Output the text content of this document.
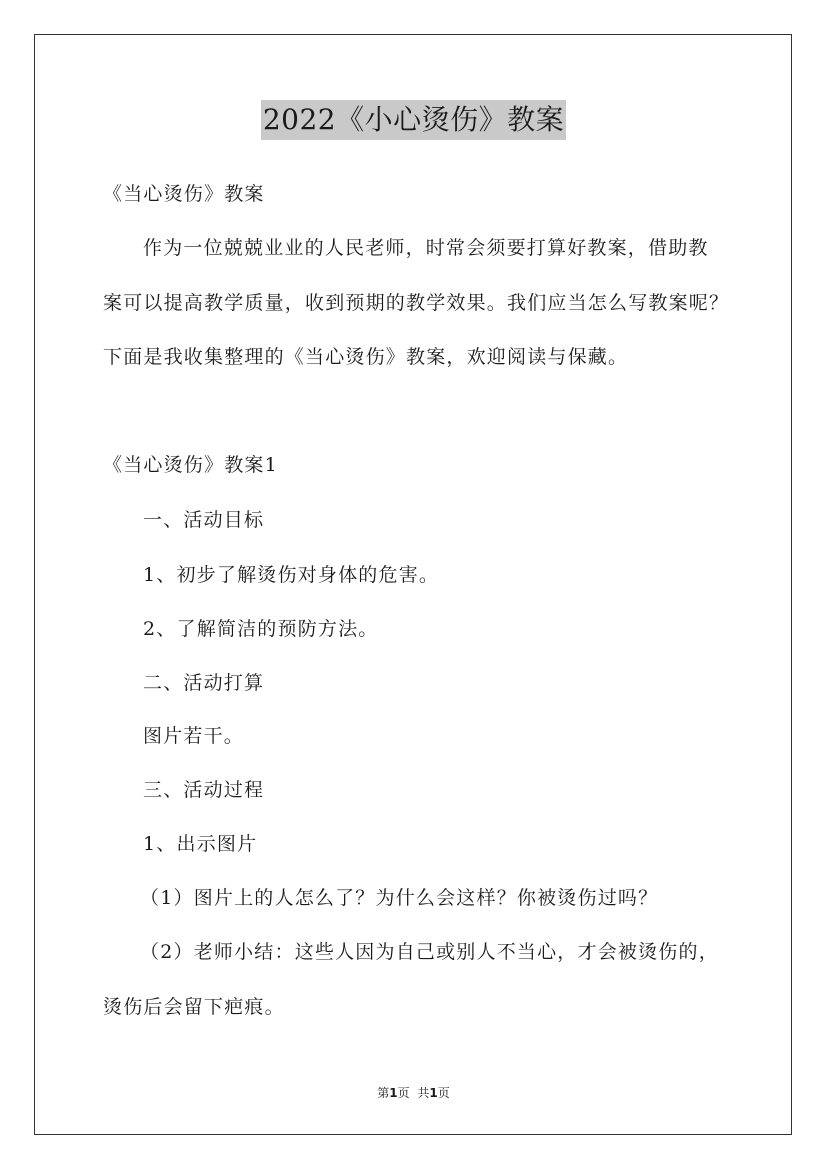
2022《小心烫伤》教案
《当心烫伤》教案
作为一位兢兢业业的人民老师，时常会须要打算好教案，借助教
案可以提高教学质量，收到预期的教学效果。我们应当怎么写教案呢？
下面是我收集整理的《当心烫伤》教案，欢迎阅读与保藏。
《当心烫伤》教案1
一、活动目标
1、初步了解烫伤对身体的危害。
2、了解简洁的预防方法。
二、活动打算
图片若干。
三、活动过程
1、出示图片
（1）图片上的人怎么了？为什么会这样？你被烫伤过吗？
（2）老师小结：这些人因为自己或别人不当心，才会被烫伤的，
烫伤后会留下疤痕。
第1页 共1页
